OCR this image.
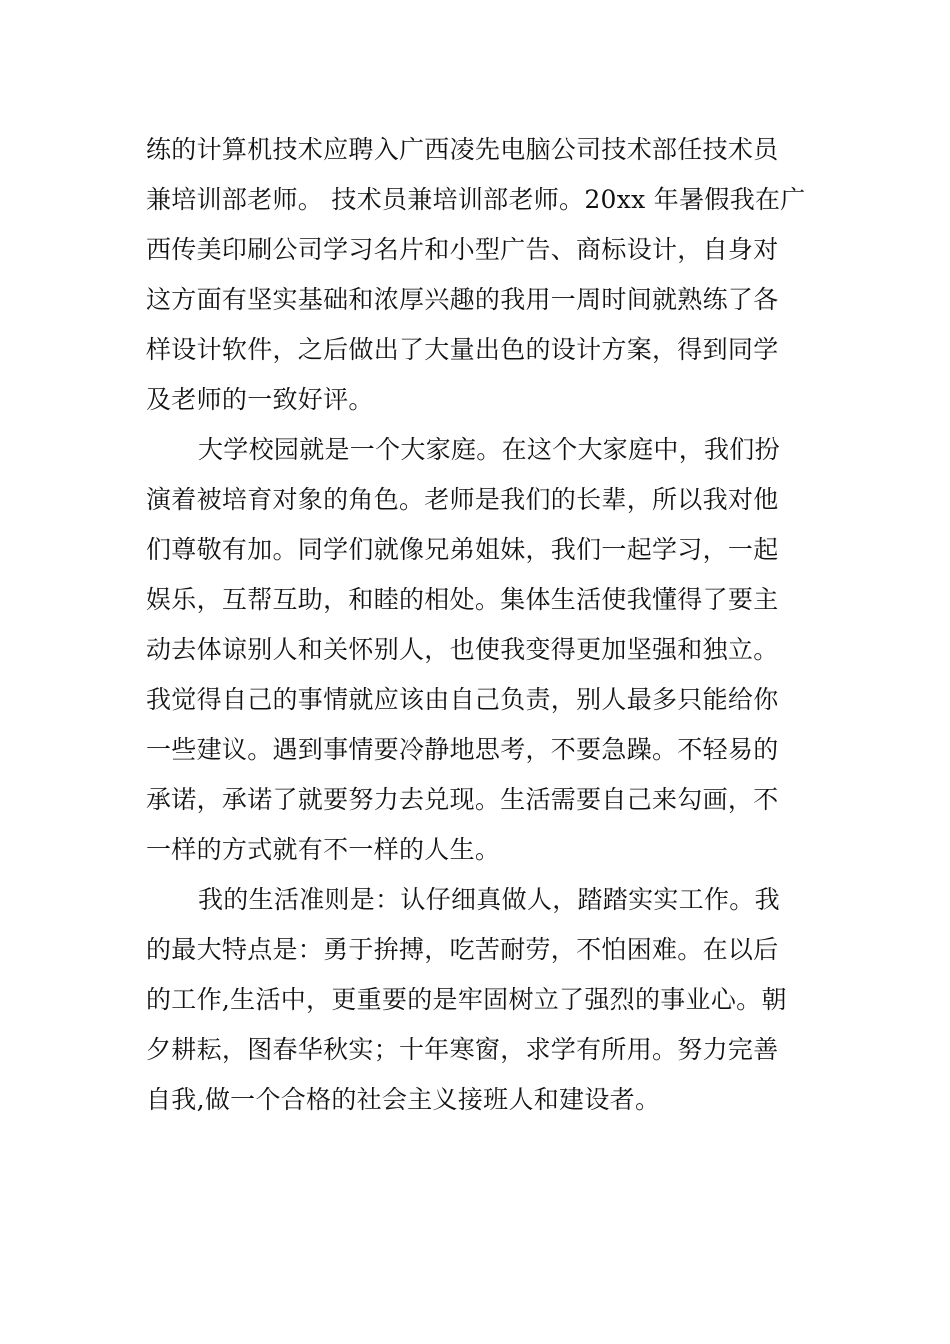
练的计算机技术应聘入广西凌先电脑公司技术部任技术员
兼培训部老师。 技术员兼培训部老师。20xx 年暑假我在广
西传美印刷公司学习名片和小型广告、商标设计，自身对
这方面有坚实基础和浓厚兴趣的我用一周时间就熟练了各
样设计软件，之后做出了大量出色的设计方案，得到同学
及老师的一致好评。
大学校园就是一个大家庭。在这个大家庭中，我们扮
演着被培育对象的角色。老师是我们的长辈，所以我对他
们尊敬有加。同学们就像兄弟姐妹，我们一起学习，一起
娱乐，互帮互助，和睦的相处。集体生活使我懂得了要主
动去体谅别人和关怀别人，也使我变得更加坚强和独立。
我觉得自己的事情就应该由自己负责，别人最多只能给你
一些建议。遇到事情要冷静地思考，不要急躁。不轻易的
承诺，承诺了就要努力去兑现。生活需要自己来勾画，不
一样的方式就有不一样的人生。
我的生活准则是：认仔细真做人，踏踏实实工作。我
的最大特点是：勇于拚搏，吃苦耐劳，不怕困难。在以后
的工作,生活中，更重要的是牢固树立了强烈的事业心。朝
夕耕耘，图春华秋实；十年寒窗，求学有所用。努力完善
自我,做一个合格的社会主义接班人和建设者。
